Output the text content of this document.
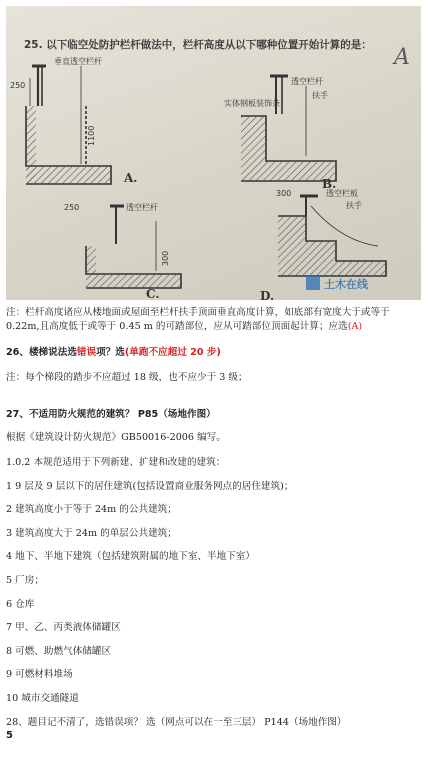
25. 以下临空处防护栏杆做法中，栏杆高度从以下哪种位置开始计算的是： A
垂直透空栏杆
250
1100
A.
透空栏杆
扶手
实体钢板装饰条
B.
250	透空栏杆
300
C.
300	透空栏板
扶手
D.
土木在线
注：栏杆高度诸应从楼地面或屋面至栏杆扶手顶面垂直高度计算，如底部有宽度大于或等于 0.22m,且高度低于或等于 0.45 m 的可踏部位，应从可踏部位顶面起计算；应选(A)
26、楼梯说法选错误项？选(单跑不应超过 20 步)
注：每个梯段的踏步不应超过 18 级，也不应少于 3 级；
27、不适用防火规范的建筑？ P85（场地作图）
根据《建筑设计防火规范》GB50016-2006 编写。
1.0.2 本规范适用于下列新建、扩建和改建的建筑：
1 9 层及 9 层以下的居住建筑(包括设置商业服务网点的居住建筑)；
2 建筑高度小于等于 24m 的公共建筑；
3 建筑高度大于 24m 的单层公共建筑；
4 地下、半地下建筑（包括建筑附属的地下室、半地下室）
5 厂房；
6 仓库
7 甲、乙、丙类液体储罐区
8 可燃、助燃气体储罐区
9 可燃材料堆场
10 城市交通隧道
28、题目记不清了，选错误项？ 选（网点可以在一至三层） P144（场地作图）
5
